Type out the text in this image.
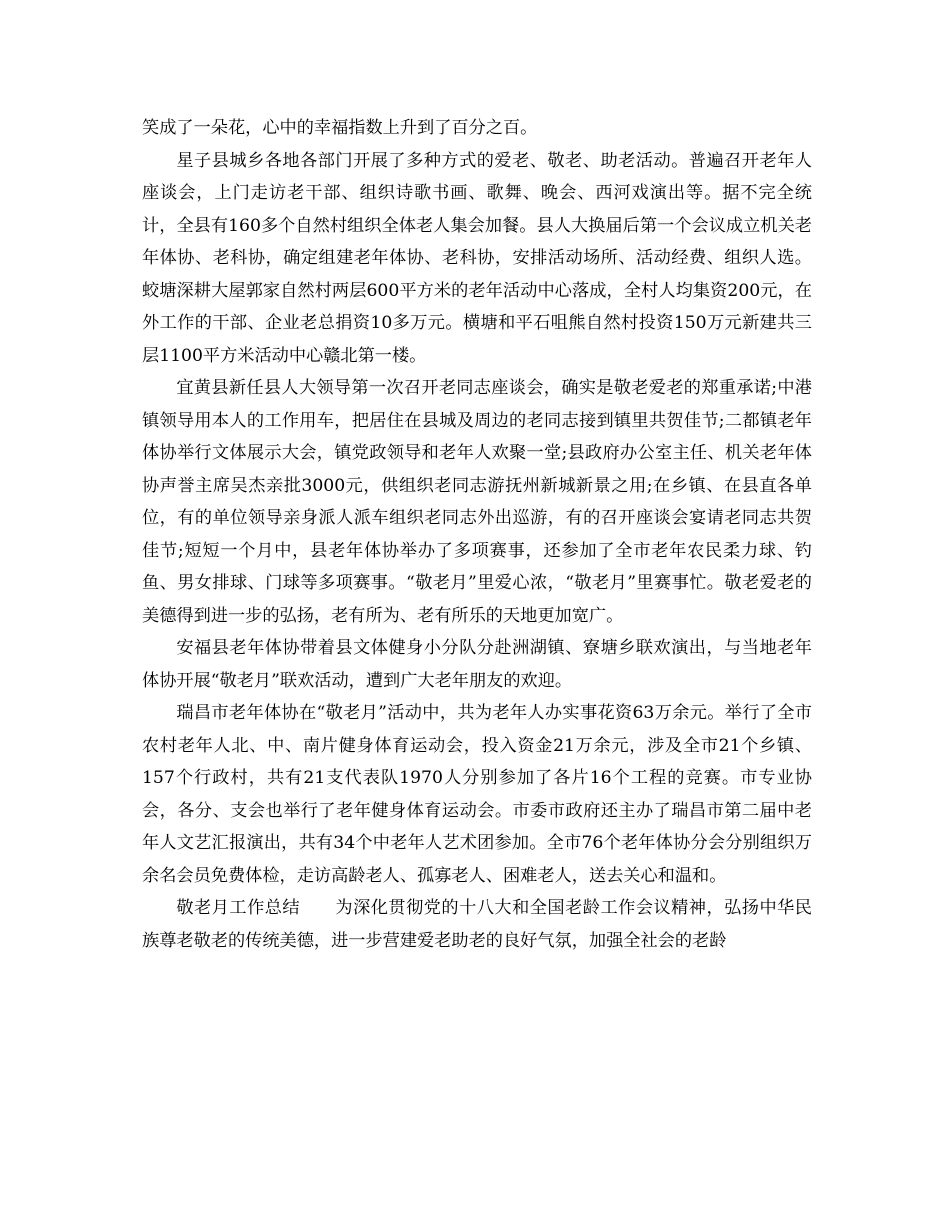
笑成了一朵花，心中的幸福指数上升到了百分之百。

星子县城乡各地各部门开展了多种方式的爱老、敬老、助老活动。普遍召开老年人座谈会，上门走访老干部、组织诗歌书画、歌舞、晚会、西河戏演出等。据不完全统计，全县有160多个自然村组织全体老人集会加餐。县人大换届后第一个会议成立机关老年体协、老科协，确定组建老年体协、老科协，安排活动场所、活动经费、组织人选。蛟塘深耕大屋郭家自然村两层600平方米的老年活动中心落成，全村人均集资200元，在外工作的干部、企业老总捐资10多万元。横塘和平石咀熊自然村投资150万元新建共三层1100平方米活动中心赣北第一楼。

宜黄县新任县人大领导第一次召开老同志座谈会，确实是敬老爱老的郑重承诺;中港镇领导用本人的工作用车，把居住在县城及周边的老同志接到镇里共贺佳节;二都镇老年体协举行文体展示大会，镇党政领导和老年人欢聚一堂;县政府办公室主任、机关老年体协声誉主席吴杰亲批3000元，供组织老同志游抚州新城新景之用;在乡镇、在县直各单位，有的单位领导亲身派人派车组织老同志外出巡游，有的召开座谈会宴请老同志共贺佳节;短短一个月中，县老年体协举办了多项赛事，还参加了全市老年农民柔力球、钓鱼、男女排球、门球等多项赛事。“敬老月”里爱心浓，“敬老月”里赛事忙。敬老爱老的美德得到进一步的弘扬，老有所为、老有所乐的天地更加宽广。

安福县老年体协带着县文体健身小分队分赴洲湖镇、寮塘乡联欢演出，与当地老年体协开展“敬老月”联欢活动，遭到广大老年朋友的欢迎。

瑞昌市老年体协在“敬老月”活动中，共为老年人办实事花资63万余元。举行了全市农村老年人北、中、南片健身体育运动会，投入资金21万余元，涉及全市21个乡镇、157个行政村，共有21支代表队1970人分别参加了各片16个工程的竞赛。市专业协会，各分、支会也举行了老年健身体育运动会。市委市政府还主办了瑞昌市第二届中老年人文艺汇报演出，共有34个中老年人艺术团参加。全市76个老年体协分会分别组织万余名会员免费体检，走访高龄老人、孤寡老人、困难老人，送去关心和温和。

敬老月工作总结　　为深化贯彻党的十八大和全国老龄工作会议精神，弘扬中华民族尊老敬老的传统美德，进一步营建爱老助老的良好气氛，加强全社会的老龄
